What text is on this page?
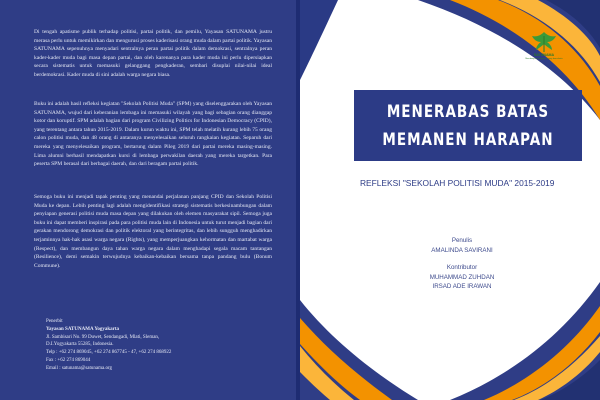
Di tengah apatisme publik terhadap politisi, partai politik, dan pemilu, Yayasan SATUNAMA justru merasa perlu untuk memikirkan dan mengurusi proses kaderisasi orang muda dalam partai politik. Yayasan SATUNAMA sepenuhnya menyadari sentralnya peran partai politik dalam demokrasi, sentralnya peran kader-kader muda bagi masa depan partai, dan oleh karenanya para kader muda ini perlu dipersiapkan secara sistematis untuk memasuki gelanggang pengkaderan, sembari disuplai nilai-nilai ideal berdemokrasi. Kader muda di sini adalah warga negara biasa.

Buku ini adalah hasil refleksi kegiatan "Sekolah Politisi Muda" (SPM) yang diselenggarakan oleh Yayasan SATUNAMA, wujud dari keberanian lembaga ini memasuki wilayah yang bagi sebagian orang dianggap kotor dan koruptif. SPM adalah bagian dari program Civilizing Politics for Indonesian Democracy (CPID), yang terentang antara tahun 2015-2019. Dalam kurun waktu ini, SPM telah melatih kurang lebih 75 orang calon politisi muda, dan 48 orang di antaranya menyelesaikan seluruh rangkaian kegiatan. Separuh dari mereka yang menyelesaikan program, bertarung dalam Pileg 2019 dari partai mereka masing-masing. Lima alumni berhasil mendapatkan kursi di lembaga perwakilan daerah yang mereka targetkan. Para peserta SPM berasal dari berbagai daerah, dan dari beragam partai politik.

Semoga buku ini menjadi tapak penting yang menandai perjalanan panjang CPID dan Sekolah Politisi Muda ke depan. Lebih penting lagi adalah mengidentifikasi strategi sistematis berkesinambungan dalam penyiapan generasi politisi muda masa depan yang dilakukan oleh elemen masyarakat sipil. Semoga juga buku ini dapat memberi inspirasi pada para politisi muda lain di Indonesia untuk turut menjadi bagian dari gerakan mendorong demokrasi dan politik elektoral yang berintegritas, dan lebih sungguh menghadirkan terjaminnya hak-hak asasi warga negara (Rights), yang memperjuangkan kehormatan dan martabat warga (Respect), dan membangun daya tahan warga negara dalam menghadapi segala macam tantangan (Resilience), demi semakin terwujudnya kebaikan-kebaikan bersama tanpa pandang bulu (Bonum Commune).

Penerbit
Yayasan SATUNAMA Yogyakarta
Jl. Sambisari No. 99 Duwet, Sendangadi, Mlati, Sleman,
D.I.Yogyakarta 55285, Indonesia.
Telp : +62 274 869045, +62 274 867745 - 47, +62 274 868922
Fax : +62 274 869044
Email : satunama@satunama.org
SATUNAMA
Membangun masyarakat yang demokratis
MENERABAS BATAS
MEMANEN HARAPAN
REFLEKSI "SEKOLAH POLITISI MUDA" 2015-2019
Penulis
AMALINDA SAVIRANI
Kontributor
MUHAMMAD ZUHDAN
IRSAD ADE IRAWAN
